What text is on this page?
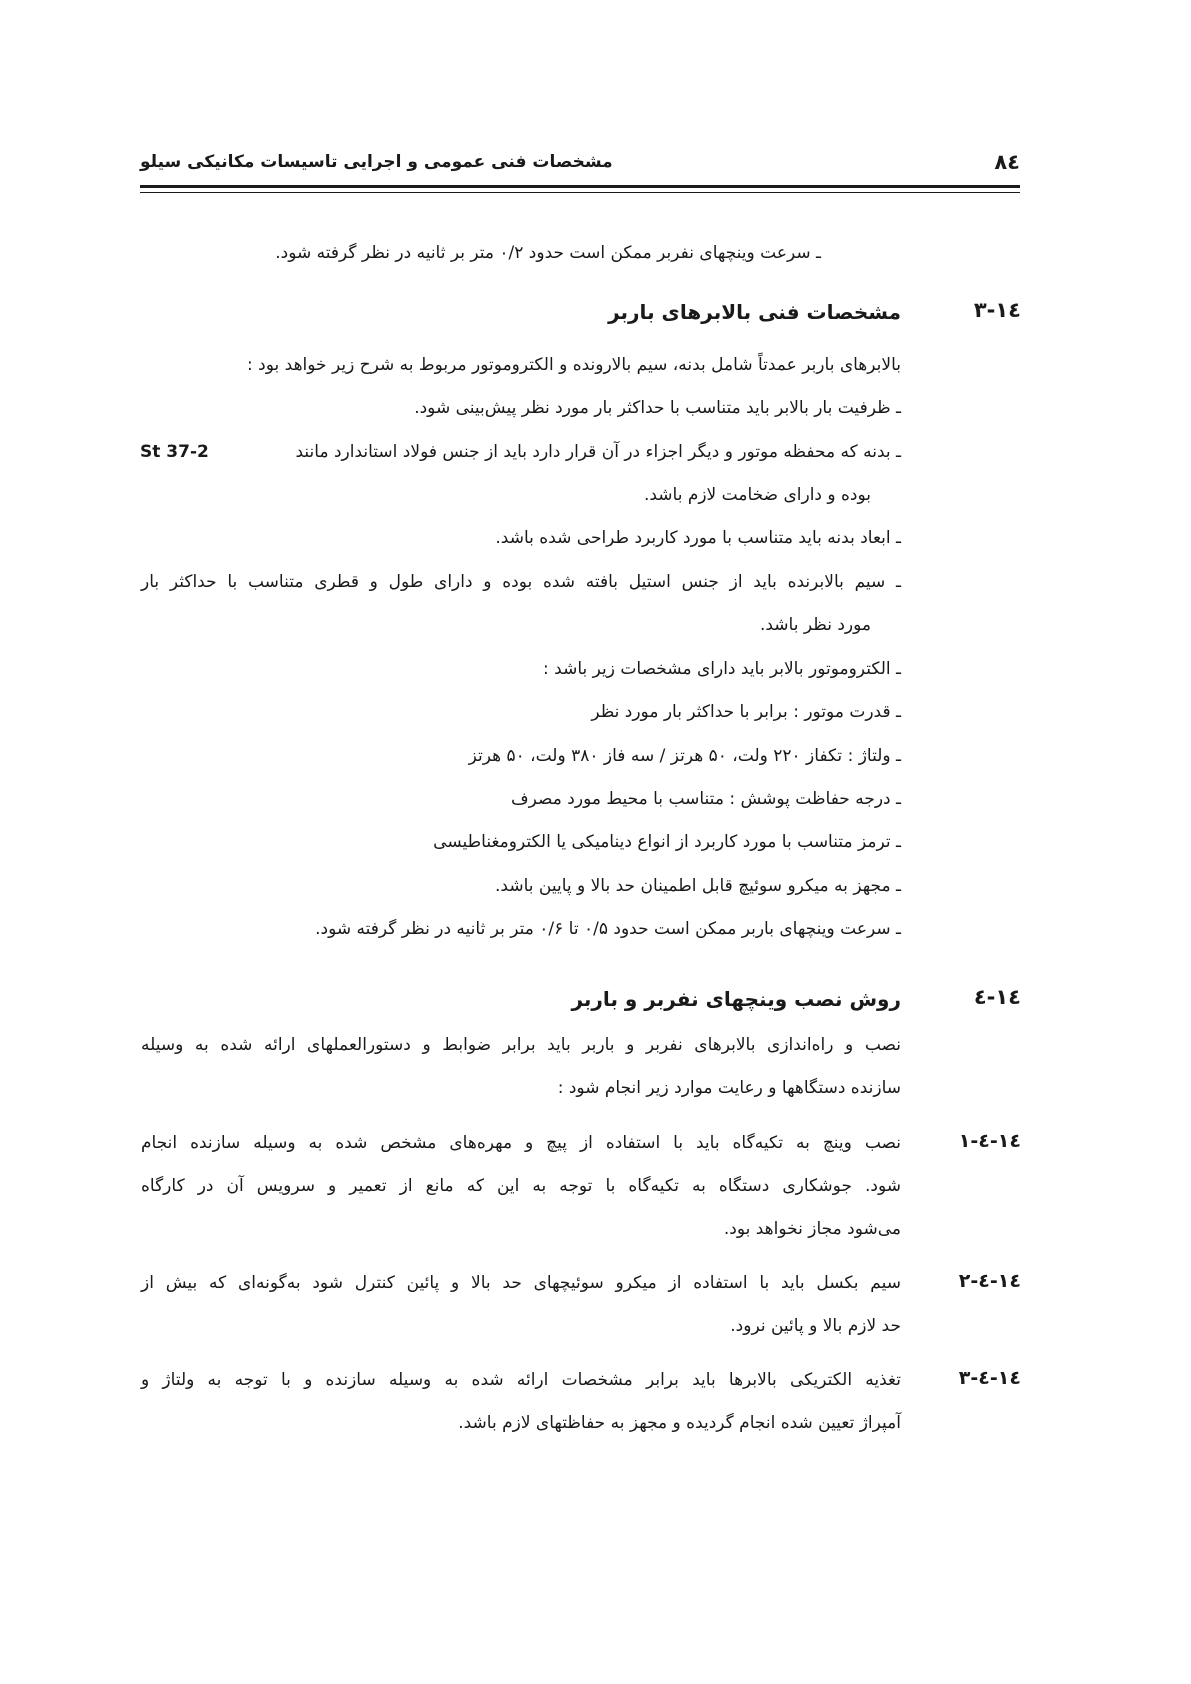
مشخصات فنی عمومی و اجرایی تاسیسات مکانیکی سیلو	۸٤
ـ سرعت وینچهای نفربر ممکن است حدود ۰/۲ متر بر ثانیه در نظر گرفته شود.
۱٤-۳
مشخصات فنی بالابرهای باربر
بالابرهای باربر عمدتاً شامل بدنه، سیم بالارونده و الکتروموتور مربوط به شرح زیر خواهد بود :
ـ ظرفیت بار بالابر باید متناسب با حداکثر بار مورد نظر پیش‌بینی شود.
ـ بدنه که محفظه موتور و دیگر اجزاء در آن قرار دارد باید از جنس فولاد استاندارد مانند
St 37-2
بوده و دارای ضخامت لازم باشد.
ـ ابعاد بدنه باید متناسب با مورد کاربرد طراحی شده باشد.
ـ سیم بالابرنده باید از جنس استیل بافته شده بوده و دارای طول و قطری متناسب با حداکثر بار
مورد نظر باشد.
ـ الکتروموتور بالابر باید دارای مشخصات زیر باشد :
ـ قدرت موتور : برابر با حداکثر بار مورد نظر
ـ ولتاژ : تکفاز ۲۲۰ ولت، ۵۰ هرتز / سه فاز ۳۸۰ ولت، ۵۰ هرتز
ـ درجه حفاظت پوشش : متناسب با محیط مورد مصرف
ـ ترمز متناسب با مورد کاربرد از انواع دینامیکی یا الکترومغناطیسی
ـ مجهز به میکرو سوئیچ قابل اطمینان حد بالا و پایین باشد.
ـ سرعت وینچهای باربر ممکن است حدود ۰/۵ تا ۰/۶ متر بر ثانیه در نظر گرفته شود.
۱٤-٤
روش نصب وینچهای نفربر و باربر
نصب و راه‌اندازی بالابرهای نفربر و باربر باید برابر ضوابط و دستورالعملهای ارائه شده به وسیله
سازنده دستگاهها و رعایت موارد زیر انجام شود :
۱٤-٤-۱
نصب وینچ به تکیه‌گاه باید با استفاده از پیچ و مهره‌های مشخص شده به وسیله سازنده انجام
شود. جوشکاری دستگاه به تکیه‌گاه با توجه به این که مانع از تعمیر و سرویس آن در کارگاه
می‌شود مجاز نخواهد بود.
۱٤-٤-۲
سیم بکسل باید با استفاده از میکرو سوئیچهای حد بالا و پائین کنترل شود به‌گونه‌ای که بیش از
حد لازم بالا و پائین نرود.
۱٤-٤-۳
تغذیه الکتریکی بالابرها باید برابر مشخصات ارائه شده به وسیله سازنده و با توجه به ولتاژ و
آمپراژ تعیین شده انجام گردیده و مجهز به حفاظتهای لازم باشد.
